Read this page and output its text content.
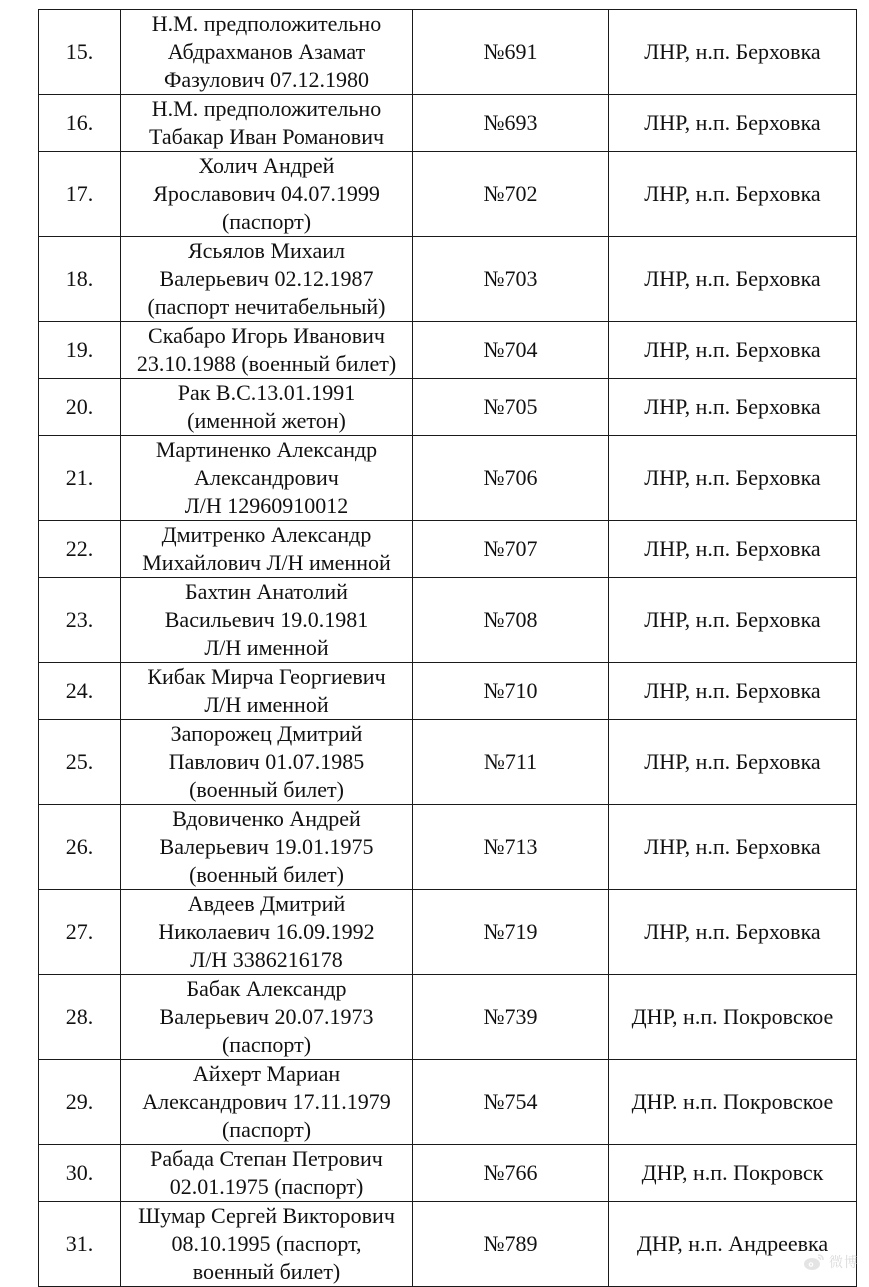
15.	Н.М. предположительно
Абдрахманов Азамат
Фазулович 07.12.1980	№691	ЛНР, н.п. Берховка
16.	Н.М. предположительно
Табакар Иван Романович	№693	ЛНР, н.п. Берховка
17.	Холич Андрей
Ярославович 04.07.1999
(паспорт)	№702	ЛНР, н.п. Берховка
18.	Ясьялов Михаил
Валерьевич 02.12.1987
(паспорт нечитабельный)	№703	ЛНР, н.п. Берховка
19.	Скабаро Игорь Иванович
23.10.1988 (военный билет)	№704	ЛНР, н.п. Берховка
20.	Рак В.С.13.01.1991
(именной жетон)	№705	ЛНР, н.п. Берховка
21.	Мартиненко Александр
Александрович
Л/Н 12960910012	№706	ЛНР, н.п. Берховка
22.	Дмитренко Александр
Михайлович Л/Н именной	№707	ЛНР, н.п. Берховка
23.	Бахтин Анатолий
Васильевич 19.0.1981
Л/Н именной	№708	ЛНР, н.п. Берховка
24.	Кибак Мирча Георгиевич
Л/Н именной	№710	ЛНР, н.п. Берховка
25.	Запорожец Дмитрий
Павлович 01.07.1985
(военный билет)	№711	ЛНР, н.п. Берховка
26.	Вдовиченко Андрей
Валерьевич 19.01.1975
(военный билет)	№713	ЛНР, н.п. Берховка
27.	Авдеев Дмитрий
Николаевич 16.09.1992
Л/Н 3386216178	№719	ЛНР, н.п. Берховка
28.	Бабак Александр
Валерьевич 20.07.1973
(паспорт)	№739	ДНР, н.п. Покровское
29.	Айхерт Мариан
Александрович 17.11.1979
(паспорт)	№754	ДНР. н.п. Покровское
30.	Рабада Степан Петрович
02.01.1975 (паспорт)	№766	ДНР, н.п. Покровск
31.	Шумар Сергей Викторович
08.10.1995 (паспорт,
военный билет)	№789	ДНР, н.п. Андреевка
微博
